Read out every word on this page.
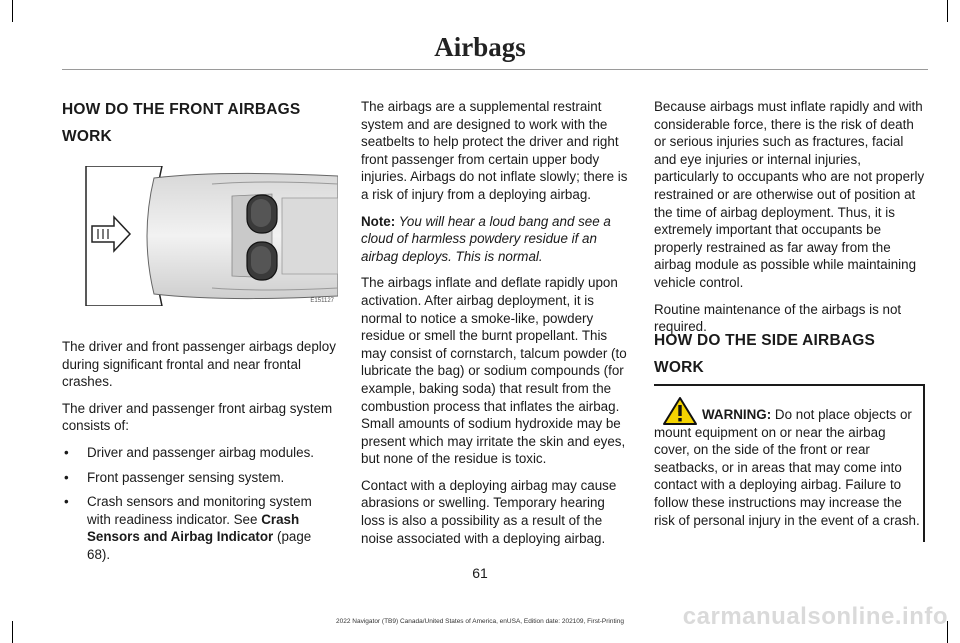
Airbags
HOW DO THE FRONT AIRBAGS
WORK
E151127

The driver and front passenger airbags deploy during significant frontal and near frontal crashes.

The driver and passenger front airbag system consists of:

• Driver and passenger airbag modules.
• Front passenger sensing system.
• Crash sensors and monitoring system with readiness indicator. See Crash Sensors and Airbag Indicator (page 68).

The airbags are a supplemental restraint system and are designed to work with the seatbelts to help protect the driver and right front passenger from certain upper body injuries. Airbags do not inflate slowly; there is a risk of injury from a deploying airbag.

Note: You will hear a loud bang and see a cloud of harmless powdery residue if an airbag deploys. This is normal.

The airbags inflate and deflate rapidly upon activation. After airbag deployment, it is normal to notice a smoke-like, powdery residue or smell the burnt propellant. This may consist of cornstarch, talcum powder (to lubricate the bag) or sodium compounds (for example, baking soda) that result from the combustion process that inflates the airbag. Small amounts of sodium hydroxide may be present which may irritate the skin and eyes, but none of the residue is toxic.

Contact with a deploying airbag may cause abrasions or swelling. Temporary hearing loss is also a possibility as a result of the noise associated with a deploying airbag.

Because airbags must inflate rapidly and with considerable force, there is the risk of death or serious injuries such as fractures, facial and eye injuries or internal injuries, particularly to occupants who are not properly restrained or are otherwise out of position at the time of airbag deployment. Thus, it is extremely important that occupants be properly restrained as far away from the airbag module as possible while maintaining vehicle control.

Routine maintenance of the airbags is not required.

HOW DO THE SIDE AIRBAGS
WORK

WARNING: Do not place objects or mount equipment on or near the airbag cover, on the side of the front or rear seatbacks, or in areas that may come into contact with a deploying airbag. Failure to follow these instructions may increase the risk of personal injury in the event of a crash.

61
2022 Navigator (TB9) Canada/United States of America, enUSA, Edition date: 202109, First-Printing	carmanualsonline.info
